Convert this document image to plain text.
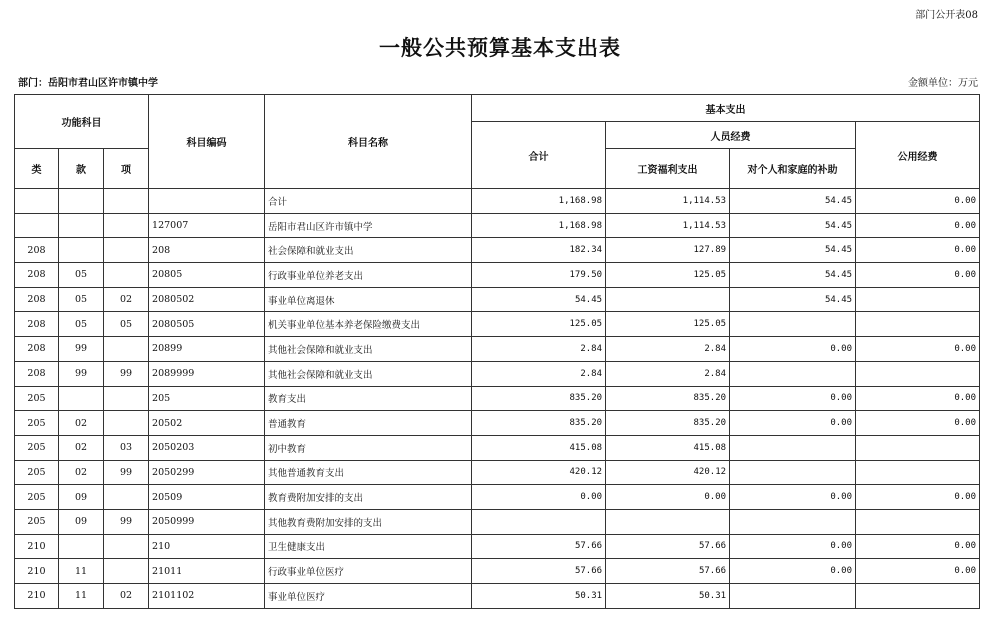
部门公开表08
一般公共预算基本支出表
部门：岳阳市君山区许市镇中学	金额单位：万元
功能科目			科目编码	科目名称	基本支出			
					合计	人员经费		公用经费
类	款	项				工资福利支出	对个人和家庭的补助	
				合计	1,168.98	1,114.53	54.45	0.00
			127007	岳阳市君山区许市镇中学	1,168.98	1,114.53	54.45	0.00
208			208	社会保障和就业支出	182.34	127.89	54.45	0.00
208	05		20805	行政事业单位养老支出	179.50	125.05	54.45	0.00
208	05	02	2080502	事业单位离退休	54.45		54.45	
208	05	05	2080505	机关事业单位基本养老保险缴费支出	125.05	125.05		
208	99		20899	其他社会保障和就业支出	2.84	2.84	0.00	0.00
208	99	99	2089999	其他社会保障和就业支出	2.84	2.84		
205			205	教育支出	835.20	835.20	0.00	0.00
205	02		20502	普通教育	835.20	835.20	0.00	0.00
205	02	03	2050203	初中教育	415.08	415.08		
205	02	99	2050299	其他普通教育支出	420.12	420.12		
205	09		20509	教育费附加安排的支出	0.00	0.00	0.00	0.00
205	09	99	2050999	其他教育费附加安排的支出				
210			210	卫生健康支出	57.66	57.66	0.00	0.00
210	11		21011	行政事业单位医疗	57.66	57.66	0.00	0.00
210	11	02	2101102	事业单位医疗	50.31	50.31		
